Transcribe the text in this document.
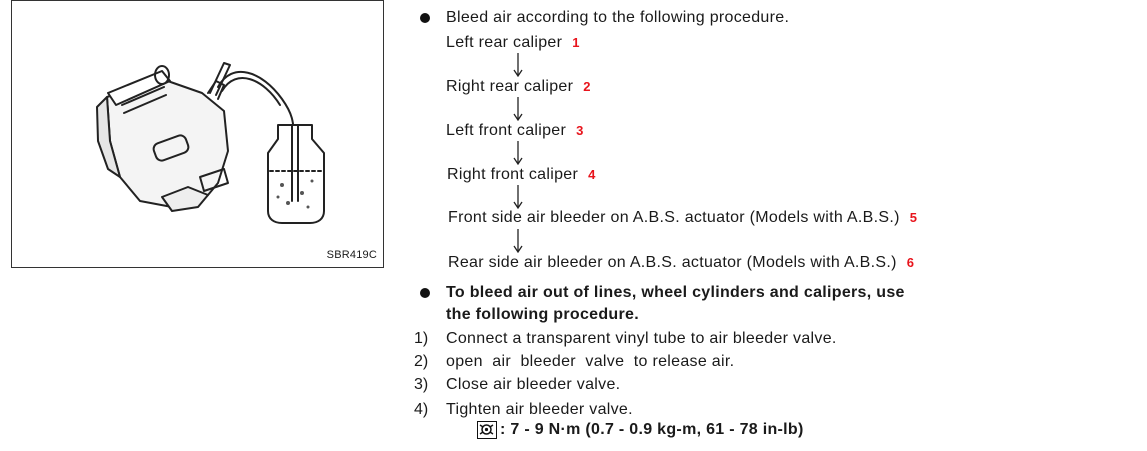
SBR419C
Bleed air according to the following procedure.
Left rear caliper 1
Right rear caliper 2
Left front caliper 3
Right front caliper 4
Front side air bleeder on A.B.S. actuator (Models with A.B.S.) 5
Rear side air bleeder on A.B.S. actuator (Models with A.B.S.) 6
To bleed air out of lines, wheel cylinders and calipers, use
the following procedure.
1) Connect a transparent vinyl tube to air bleeder valve.
2) open  air  bleeder  valve  to release air.
3) Close air bleeder valve.
4) Tighten air bleeder valve.
: 7 - 9 N·m (0.7 - 0.9 kg-m, 61 - 78 in-lb)
